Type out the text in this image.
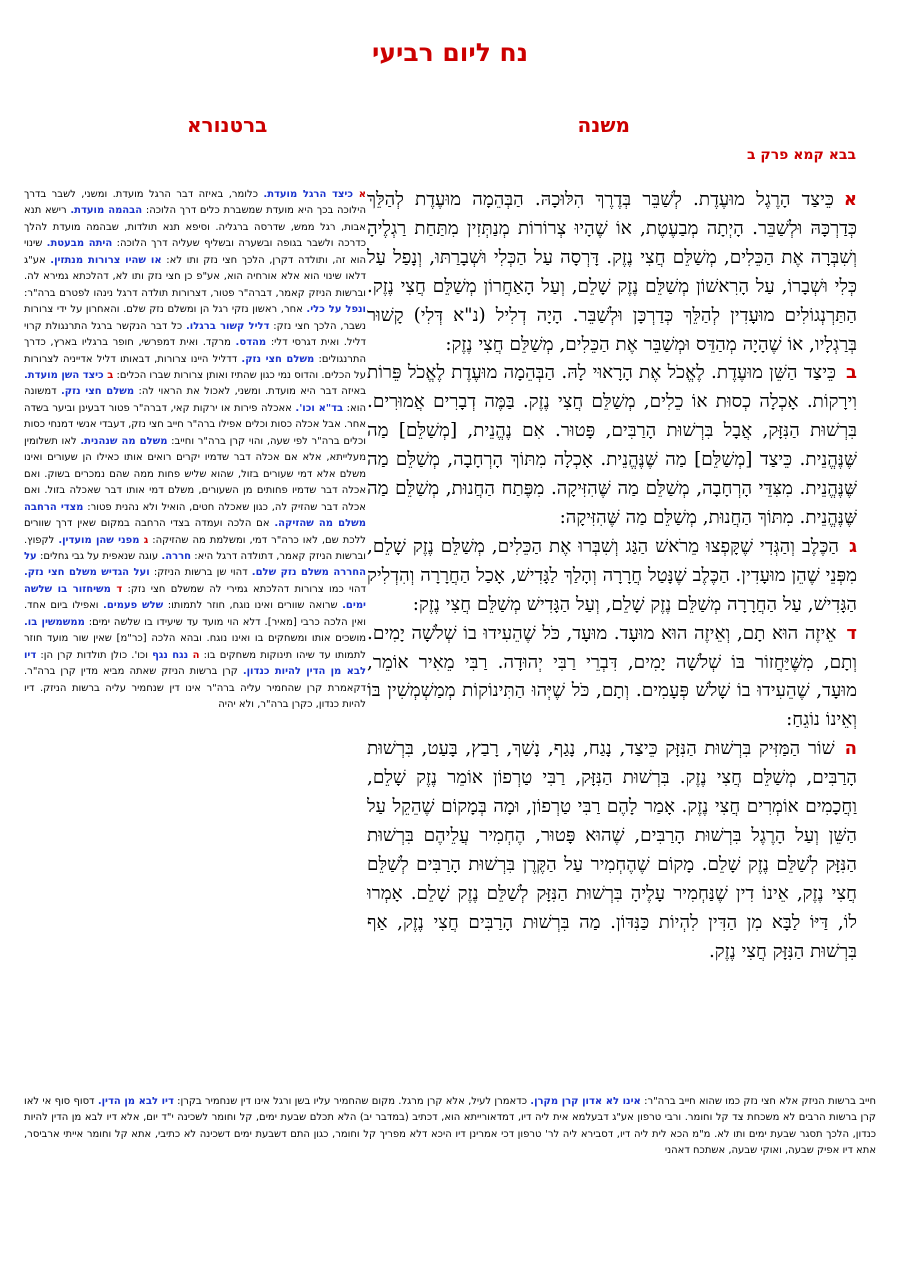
נח ליום רביעי
משנה
ברטנורא
בבא קמא פרק ב

אכֵּיצַד הָרֶגֶל מוּעֶדֶת. לְשַׁבֵּר בְּדֶרֶךְ הִלּוּכָהּ. הַבְּהֵמָה מוּעֶדֶת לְהַלֵּךְ כְּדַרְכָּהּ וּלְשַׁבֵּר. הָיְתָה מְבַעֶטֶת, אוֹ שֶׁהָיוּ צְרוֹרוֹת מְנַתְּזִין מִתַּחַת רַגְלֶיהָ וְשִׁבְּרָה אֶת הַכֵּלִים, מְשַׁלֵּם חֲצִי נֶזֶק. דָּרְסָה עַל הַכְּלִי וּשְׁבָרַתּוּ, וְנָפַל עַל כְּלִי וּשְׁבָרוֹ, עַל הָרִאשׁוֹן מְשַׁלֵּם נֶזֶק שָׁלֵם, וְעַל הָאַחֲרוֹן מְשַׁלֵּם חֲצִי נֶזֶק. הַתַּרְנְגוֹלִים מוּעָדִין לְהַלֵּךְ כְּדַרְכָּן וּלְשַׁבֵּר. הָיָה דְלִיל (נ"א דְּלִי) קָשׁוּר בְּרַגְלָיו, אוֹ שֶׁהָיָה מְהַדֵּס וּמְשַׁבֵּר אֶת הַכֵּלִים, מְשַׁלֵּם חֲצִי נֶזֶק:

בכֵּיצַד הַשֵּׁן מוּעֶדֶת. לֶאֱכֹל אֶת הָרָאוּי לָהּ. הַבְּהֵמָה מוּעֶדֶת לֶאֱכֹל פֵּרוֹת וִירָקוֹת. אָכְלָה כְסוּת אוֹ כֵלִים, מְשַׁלֵּם חֲצִי נֶזֶק. בַּמֶּה דְבָרִים אֲמוּרִים. בִּרְשׁוּת הַנִּזָּק, אֲבָל בִּרְשׁוּת הָרַבִּים, פָּטוּר. אִם נֶהֱנֵית, [מְשַׁלֵּם] מַה שֶּׁנֶּהֱנֵית. כֵּיצַד [מְשַׁלֵּם] מַה שֶּׁנֶּהֱנֵית. אָכְלָה מִתּוֹךְ הָרְחָבָה, מְשַׁלֵּם מַה שֶּׁנֶּהֱנֵית. מִצִּדֵּי הָרְחָבָה, מְשַׁלֵּם מַה שֶּׁהִזִּיקָה. מִפֶּתַח הַחֲנוּת, מְשַׁלֵּם מַה שֶּׁנֶּהֱנֵית. מִתּוֹךְ הַחֲנוּת, מְשַׁלֵּם מַה שֶּׁהִזִּיקָה:

גהַכֶּלֶב וְהַגְּדִי שֶׁקָּפְצוּ מֵרֹאשׁ הַגַּג וְשִׁבְּרוּ אֶת הַכֵּלִים, מְשַׁלֵּם נֶזֶק שָׁלֵם, מִפְּנֵי שֶׁהֵן מוּעָדִין. הַכֶּלֶב שֶׁנָּטַל חֲרָרָה וְהָלַךְ לַגָּדִישׁ, אָכַל הַחֲרָרָה וְהִדְלִיק הַגָּדִישׁ, עַל הַחֲרָרָה מְשַׁלֵּם נֶזֶק שָׁלֵם, וְעַל הַגָּדִישׁ מְשַׁלֵּם חֲצִי נֶזֶק:

דאֵיזֶה הוּא תָם, וְאֵיזֶה הוּא מוּעָד. מוּעָד, כֹּל שֶׁהֵעִידוּ בוֹ שְׁלֹשָׁה יָמִים. וְתָם, מִשֶּׁיַּחֲזוֹר בּוֹ שְׁלֹשָׁה יָמִים, דִּבְרֵי רַבִּי יְהוּדָה. רַבִּי מֵאִיר אוֹמֵר, מוּעָד, שֶׁהֵעִידוּ בוֹ שָׁלֹשׁ פְּעָמִים. וְתָם, כֹּל שֶׁיְּהוּ הַתִּינוֹקוֹת מְמַשְׁמְשִׁין בּוֹ וְאֵינוֹ נוֹגֵחַ:

השׁוֹר הַמַּזִּיק בִּרְשׁוּת הַנִּזָּק כֵּיצַד, נָגַח, נָגַף, נָשַׁךְ, רָבַץ, בָּעַט, בִּרְשׁוּת הָרַבִּים, מְשַׁלֵּם חֲצִי נֶזֶק. בִּרְשׁוּת הַנִּזָּק, רַבִּי טַרְפוֹן אוֹמֵר נֶזֶק שָׁלֵם, וַחֲכָמִים אוֹמְרִים חֲצִי נֶזֶק. אָמַר לָהֶם רַבִּי טַרְפוֹן, וּמָה בְּמָקוֹם שֶׁהֵקֵל עַל הַשֵּׁן וְעַל הָרֶגֶל בִּרְשׁוּת הָרַבִּים, שֶׁהוּא פָּטוּר, הֶחְמִיר עֲלֵיהֶם בִּרְשׁוּת הַנִּזָּק לְשַׁלֵּם נֶזֶק שָׁלֵם. מָקוֹם שֶׁהֶחְמִיר עַל הַקֶּרֶן בִּרְשׁוּת הָרַבִּים לְשַׁלֵּם חֲצִי נֶזֶק, אֵינוֹ דִין שֶׁנַּחְמִיר עָלֶיהָ בִּרְשׁוּת הַנִּזָּק לְשַׁלֵּם נֶזֶק שָׁלֵם. אָמְרוּ לוֹ, דַּיּוֹ לַבָּא מִן הַדִּין לִהְיוֹת כַּנִּדּוֹן. מַה בִּרְשׁוּת הָרַבִּים חֲצִי נֶזֶק, אַף בִּרְשׁוּת הַנִּזָּק חֲצִי נֶזֶק.

א כיצד הרגל מועדת. כלומר, באיזה דבר הרגל מועדת. ומשני, לשבר בדרך הילוכה בכך היא מועדת שמשברת כלים דרך הלוכה: הבהמה מועדת. רישא תנא אבות, רגל ממש, שדרסה ברגליה. וסיפא תנא תולדות, שבהמה מועדת להלך כדרכה ולשבר בגופה ובשערה ובשליף שעליה דרך הלוכה: היתה מבעטת. שינוי הוא זה, ותולדה דקרן, הלכך חצי נזק ותו לא: או שהיו צרורות מנתזין. אע"ג דלאו שינוי הוא אלא אורחיה הוא, אע"פ כן חצי נזק ותו לא, דהלכתא גמירא לה. וברשות הניזק קאמר, דברה"ר פטור, דצרורות תולדה דרגל נינהו לפטרם ברה"ר: ונפל על כלי. אחר, ראשון נזקי רגל הן ומשלם נזק שלם. והאחרון על ידי צרורות נשבר, הלכך חצי נזק: דליל קשור ברגלו. כל דבר הנקשר ברגל התרנגולת קרוי דליל. ואית דגרסי דלי: מהדס. מרקד. ואית דמפרשי, חופר ברגליו בארץ, כדרך התרנגולים: משלם חצי נזק. דדליל היינו צרורות, דבאותו דליל אדייניה לצרורות על הכלים. והדוס נמי כגון שהתיז ואותן צרורות שברו הכלים: ב כיצד השן מועדת. באיזה דבר היא מועדת. ומשני, לאכול את הראוי לה: משלם חצי נזק. דמשונה הוא: בד"א וכו'. אאכלה פירות או ירקות קאי, דברה"ר פטור דבעינן וביער בשדה אחר. אבל אכלה כסות וכלים אפילו ברה"ר חייב חצי נזק, דעבדי אנשי דמנחי כסות וכלים ברה"ר לפי שעה, והוי קרן ברה"ר וחייב: משלם מה שנהנית. לאו תשלומין מעלייתא, אלא אם אכלה דבר שדמיו יקרים רואים אותו כאילו הן שעורים ואינו משלם אלא דמי שעורים בזול, שהוא שליש פחות ממה שהם נמכרים בשוק. ואם אכלה דבר שדמיו פחותים מן השעורים, משלם דמי אותו דבר שאכלה בזול. ואם אכלה דבר שהזיק לה, כגון שאכלה חטים, הואיל ולא נהנית פטור: מצדי הרחבה משלם מה שהזיקה. אם הלכה ועמדה בצדי הרחבה במקום שאין דרך שוורים ללכת שם, לאו כרה"ר דמי, ומשלמת מה שהזיקה: ג מפני שהן מועדין. לקפוץ. וברשות הניזק קאמר, דתולדה דרגל היא: חררה. עוגה שנאפית על גבי גחלים: על החררה משלם נזק שלם. דהוי שן ברשות הניזק: ועל הגדיש משלם חצי נזק. דהוי כמו צרורות דהלכתא גמירי לה שמשלם חצי נזק: ד משיחזור בו שלשה ימים. שרואה שוורים ואינו נוגח, חוזר לתמותו: שלש פעמים. ואפילו ביום אחד. ואין הלכה כרבי [מאיר]. דלא הוי מועד עד שיעידו בו שלשה ימים: ממשמשין בו. מושכים אותו ומשחקים בו ואינו נוגח. ובהא הלכה [כר"מ] שאין שור מועד חוזר לתמותו עד שיהו תינוקות משחקים בו: ה נגח נגף וכו'. כולן תולדות קרן הן: דיו לבא מן הדין להיות כנדון. קרן ברשות הניזק שאתה מביא מדין קרן ברה"ר. דקאמרת קרן שהחמיר עליה ברה"ר אינו דין שנחמיר עליה ברשות הניזק. דיו להיות כנדון, כקרן ברה"ר, ולא יהיה
חייב ברשות הניזק אלא חצי נזק כמו שהוא חייב ברה"ר: אינו לא אדון קרן מקרן. כדאמרן לעיל, אלא קרן מרגל. מקום שהחמיר עליו בשן ורגל אינו דין שנחמיר בקרן: דיו לבא מן הדין. דסוף סוף אי לאו קרן ברשות הרבים לא משכחת צד קל וחומר. ורבי טרפון אע"ג דבעלמא אית ליה דיו, דמדאורייתא הוא, דכתיב (במדבר יב) הלא תכלם שבעת ימים, קל וחומר לשכינה י"ד יום, אלא דיו לבא מן הדין להיות כנדון, הלכך תסגר שבעת ימים ותו לא. מ"מ הכא לית ליה דיו, דסבירא ליה לר' טרפון דכי אמרינן דיו היכא דלא מפריך קל וחומר, כגון התם דשבעת ימים דשכינה לא כתיבי, אתא קל וחומר אייתי ארביסר, אתא דיו אפיק שבעה, ואוקי שבעה, אשתכח דאהני
